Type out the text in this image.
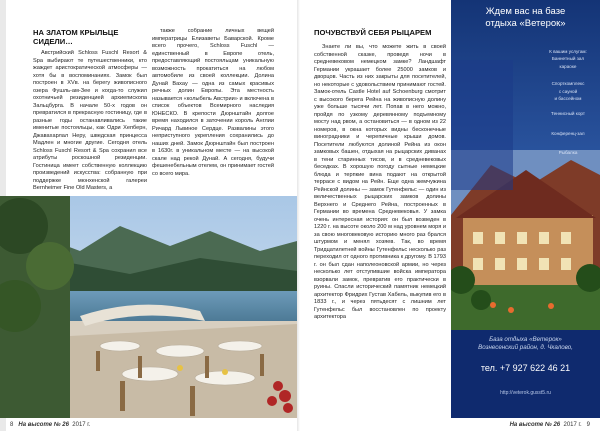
НА ЗЛАТОМ КРЫЛЬЦЕ СИДЕЛИ…

Австрийский Schloss Fuschl Resort & Spa выбирают те путешественники, кто жаждет аристократической атмосферы — хотя бы в воспоминаниях. Замок был построен в XVв. на берегу живописного озера Фушль-ам-Зее и когда-то служил охотничьей резиденцией архиепископа Зальцбурга. В начале 50-х годов он превратился в прекрасную гостиницу, где в разные годы останавливались такие именитые постояльцы, как Одри Хепберн, Джаваxарлал Неру, шведская принцесса Мадлен и многие другие. Сегодня отель Schloss Fuschl Resort & Spa сохранил все атрибуты роскошной резиденции. Гостиница имеет собственную коллекцию произведений искусства: собранную при поддержке мюнхенской галереи Bernheimer Fine Old Masters, а

также собрание личных вещей императрицы Елизаветы Баварской. Кроме всего прочего, Schloss Fuschl — единственный в Европе отель, предоставляющий постояльцам уникальную возможность прокатиться на любом автомобиле из своей коллекции. Долина Дунай Вахау — одна из самых красивых речных долин Европы. Эта местность называется «колыбель Австрии» и включена в список объектов Всемирного наследия ЮНЕСКО. В крепости Дюрнштайн долгое время находился в заточении король Англии Ричард Львиное Сердце. Развалины этого неприступного укрепления сохранились до наших дней. Замок Дюрнштайн был построен в 1630г. в уникальном месте — на высокой скале над рекой Дунай. А сегодня, будучи фешенебельным отелем, он принимает гостей со всего мира.

8 На высоте № 26 2017 г.
ПОЧУВСТВУЙ СЕБЯ РЫЦАРЕМ

Знаете ли вы, что можете жить в своей собственной сказке, проведя ночи в средневековом немецком замке? Ландшафт Германии украшает более 25000 замков и дворцов. Часть из них закрыты для посетителей, но некоторые с удовольствием принимают гостей. Замок-отель Castle Hotel auf Schoenburg смотрит с высокого берега Рейна на живописную долину уже больше тысячи лет. Попав в него можно, пройдя по узкому деревянному подъемному мосту над рвом, а остановиться — в одном из 22 номеров, в окна которых видны бесконечные виноградники и черепичные крыши домов. Посетители любуются долиной Рейна из окон замковых башен, отдыхая на рыцарских диванах в тени старинных тисов, и в средневековых беседках. В хорошую погоду сытные немецкие блюда и терпкие вина подают на открытой террасе с видом на Рейн. Еще одна жемчужина Рейнской долины — замок Гутенфельс — один из величественных рыцарских замков долины Верхнего и Среднего Рейна, построенных в Германии во времена Средневековья. У замка очень интересная история: он был возведен в 1220 г. на высоте около 200 м над уровнем моря и за свою многовековую историю много раз брался штурмом и менял хозяев. Так, во время Тридцатилетней войны Гутенфельс несколько раз переходил от одного противника к другому. В 1793 г. он был сдан наполеоновской армии, но через несколько лет отступившие войска императора взорвали замок, превратив его практически в руины. Спасли исторический памятник немецкий архитектор Фридрих Густав Хабель, выкупив его в 1833 г., и через пятьдесят с лишним лет Гутенфельс был восстановлен по проекту архитектора

Ждем вас на базе
отдыха «Ветерок»
К вашим услугам:
Баннетный зал
караоке
Спорткомплекс
с сауной
и бассейном
Теннисный корт
Конференц-зал
Рыбалка
База отдыха «Ветерок»
Вознесенский район, д. Чкалово,
тел. +7 927 622 46 21
http://veterok.gusst5.ru
На высоте № 26 2017 г. 9
